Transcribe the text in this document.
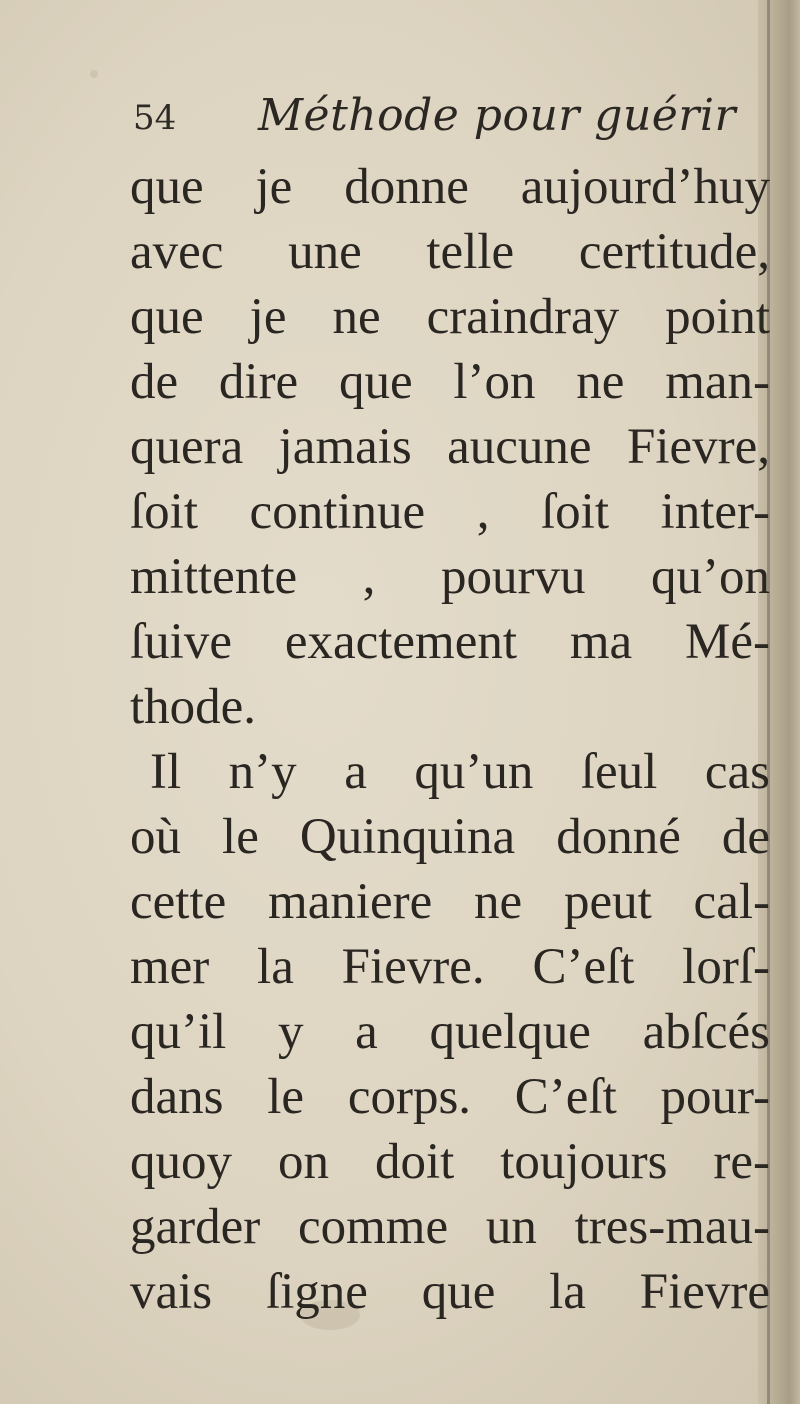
54 Méthode pour guérir
que je donne aujourd’huy
avec une telle certitude,
que je ne craindray point
de dire que l’on ne man-
quera jamais aucune Fievre,
ſoit continue , ſoit inter-
mittente , pourvu qu’on
ſuive exactement ma Mé-
thode.
Il n’y a qu’un ſeul cas
où le Quinquina donné de
cette maniere ne peut cal-
mer la Fievre. C’eſt lorſ-
qu’il y a quelque abſcés
dans le corps. C’eſt pour-
quoy on doit toujours re-
garder comme un tres-mau-
vais ſigne que la Fievre
